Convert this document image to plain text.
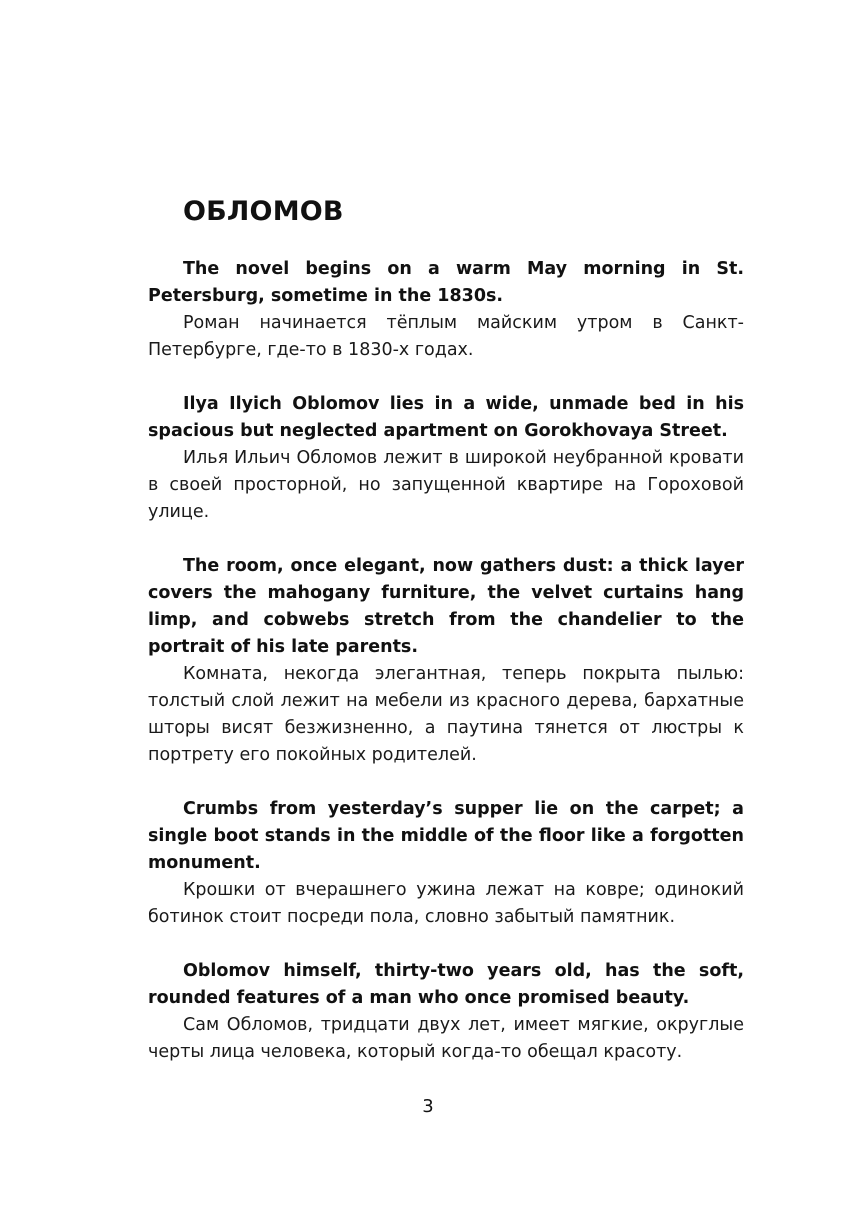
ОБЛОМОВ

The novel begins on a warm May morning in St. Petersburg, sometime in the 1830s.

Роман начинается тёплым майским утром в Санкт-Петербурге, где-то в 1830-х годах.

Ilya Ilyich Oblomov lies in a wide, unmade bed in his spacious but neglected apartment on Gorokhovaya Street.

Илья Ильич Обломов лежит в широкой неубранной кровати в своей просторной, но запущенной квартире на Гороховой улице.

The room, once elegant, now gathers dust: a thick layer covers the mahogany furniture, the velvet curtains hang limp, and cobwebs stretch from the chandelier to the portrait of his late parents.

Комната, некогда элегантная, теперь покрыта пылью: толстый слой лежит на мебели из красного дерева, бархатные шторы висят безжизненно, а паутина тянется от люстры к портрету его покойных родителей.

Crumbs from yesterday’s supper lie on the carpet; a single boot stands in the middle of the floor like a forgotten monument.

Крошки от вчерашнего ужина лежат на ковре; одинокий ботинок стоит посреди пола, словно забытый памятник.

Oblomov himself, thirty-two years old, has the soft, rounded features of a man who once promised beauty.

Сам Обломов, тридцати двух лет, имеет мягкие, округлые черты лица человека, который когда-то обещал красоту.

3
